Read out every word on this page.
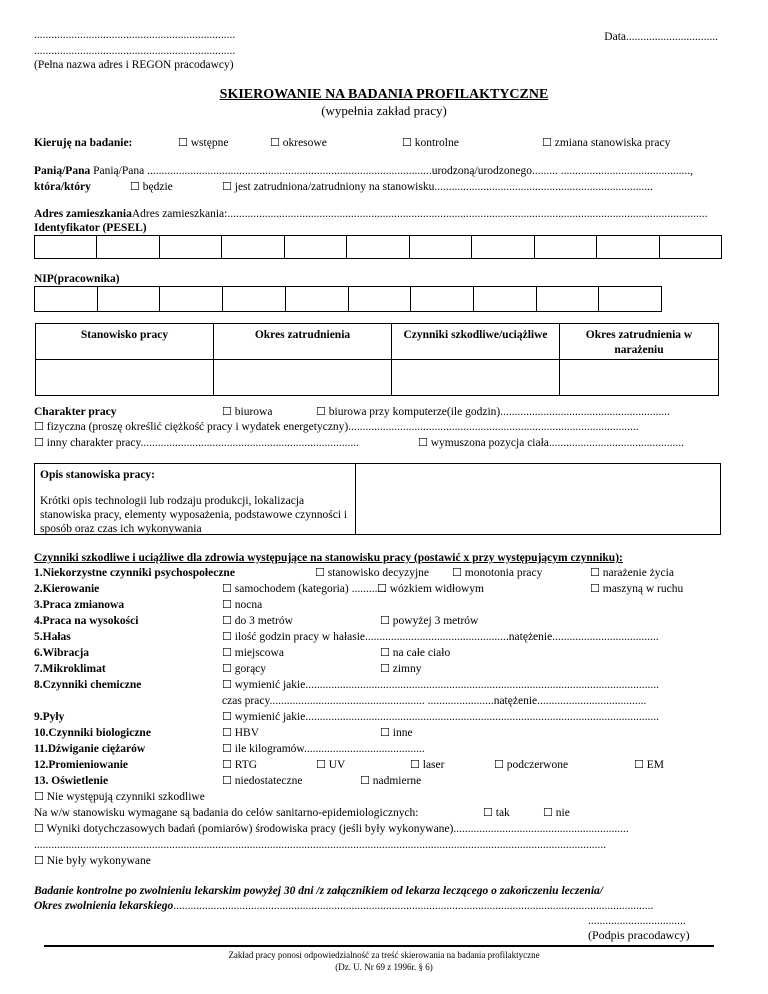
......................................................................
......................................................................
(Pełna nazwa adres i REGON pracodawcy)
Data................................
SKIEROWANIE NA BADANIA PROFILAKTYCZNE
(wypełnia zakład pracy)
Kieruję na badanie: ☐	wstępne ☐	okresowe ☐	kontrolne ☐	zmiana stanowiska pracy
Panią/Pana Panią/Pana ...................................................................................................urodzoną/urodzonego......... .............................................,
która/który ☐	będzie ☐	jest zatrudniona/zatrudniony na stanowisku............................................................................
Adres zamieszkaniaAdres zamieszkania:.......................................................................................................................................................................
Identyfikator (PESEL)
NIP(pracownika)
Stanowisko pracy	Okres zatrudnienia	Czynniki szkodliwe/uciążliwe	Okres zatrudnienia w narażeniu

Charakter pracy ☐	biurowa ☐	biurowa przy komputerze(ile godzin)...........................................................
☐ fizyczna (proszę określić ciężkość pracy i wydatek energetyczny).....................................................................................................
☐ inny charakter pracy............................................................................ ☐	wymuszona pozycja ciała...............................................
Opis stanowiska pracy:
Krótki opis technologii lub rodzaju produkcji, lokalizacja stanowiska pracy, elementy wyposażenia, podstawowe czynności i sposób oraz czas ich wykonywania
Czynniki szkodliwe i uciążliwe dla zdrowia występujące na stanowisku pracy (postawić x przy występującym czynniku):
1.Niekorzystne czynniki psychospołeczne ☐	stanowisko decyzyjne ☐	monotonia pracy ☐	narażenie życia
2.Kierowanie ☐	samochodem (kategoria) ............ ☐ wózkiem widłowym ☐	maszyną w ruchu
3.Praca zmianowa ☐	nocna
4.Praca na wysokości ☐	do 3 metrów ☐	powyżej 3 metrów
5.Hałas ☐	ilość godzin pracy w hałasie..................................................natężenie.....................................
6.Wibracja ☐	miejscowa ☐	na całe ciało
7.Mikroklimat ☐	gorący ☐	zimny
8.Czynniki chemiczne ☐	wymienić jakie...........................................................................................................................
czas pracy...................................................... .......................natężenie......................................
9.Pyły ☐	wymienić jakie...........................................................................................................................
10.Czynniki biologiczne ☐	HBV ☐	inne
11.Dźwiganie ciężarów ☐	ile kilogramów..........................................
12.Promieniowanie ☐	RTG ☐	UV ☐	laser ☐	podczerwone ☐	EM
13. Oświetlenie ☐	niedostateczne ☐	nadmierne
☐ Nie występują czynniki szkodliwe
Na w/w stanowisku wymagane są badania do celów sanitarno-epidemiologicznych: ☐	tak ☐	nie
☐ Wyniki dotychczasowych badań (pomiarów) środowiska pracy (jeśli były wykonywane).............................................................
.......................................................................................................................................................................................................
☐ Nie były wykonywane
Badanie kontrolne po zwolnieniu lekarskim powyżej 30 dni /z załącznikiem od lekarza leczącego o zakończeniu leczenia/
Okres zwolnienia lekarskiego.......................................................................................................................................................................
..................................
(Podpis pracodawcy)
Zakład pracy ponosi odpowiedzialność za treść skierowania na badania profilaktyczne
(Dz. U. Nr 69 z 1996r. § 6)
